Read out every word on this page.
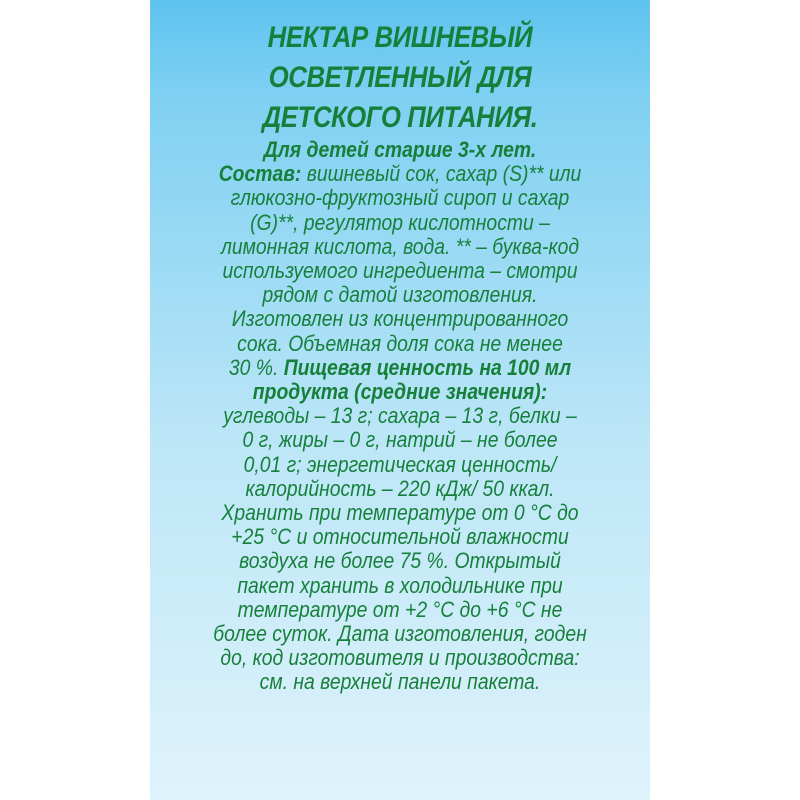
НЕКТАР ВИШНЕВЫЙ
ОСВЕТЛЕННЫЙ ДЛЯ
ДЕТСКОГО ПИТАНИЯ.
Для детей старше 3-х лет.
Состав: вишневый сок, сахар (S)** или
глюкозно-фруктозный сироп и сахар
(G)**, регулятор кислотности –
лимонная кислота, вода. ** – буква-код
используемого ингредиента – смотри
рядом с датой изготовления.
Изготовлен из концентрированного
сока. Объемная доля сока не менее
30 %. Пищевая ценность на 100 мл
продукта (средние значения):
углеводы – 13 г; сахара – 13 г, белки –
0 г, жиры – 0 г, натрий – не более
0,01 г; энергетическая ценность/
калорийность – 220 кДж/ 50 ккал.
Хранить при температуре от 0 °С до
+25 °С и относительной влажности
воздуха не более 75 %. Открытый
пакет хранить в холодильнике при
температуре от +2 °С до +6 °С не
более суток. Дата изготовления, годен
до, код изготовителя и производства:
см. на верхней панели пакета.
